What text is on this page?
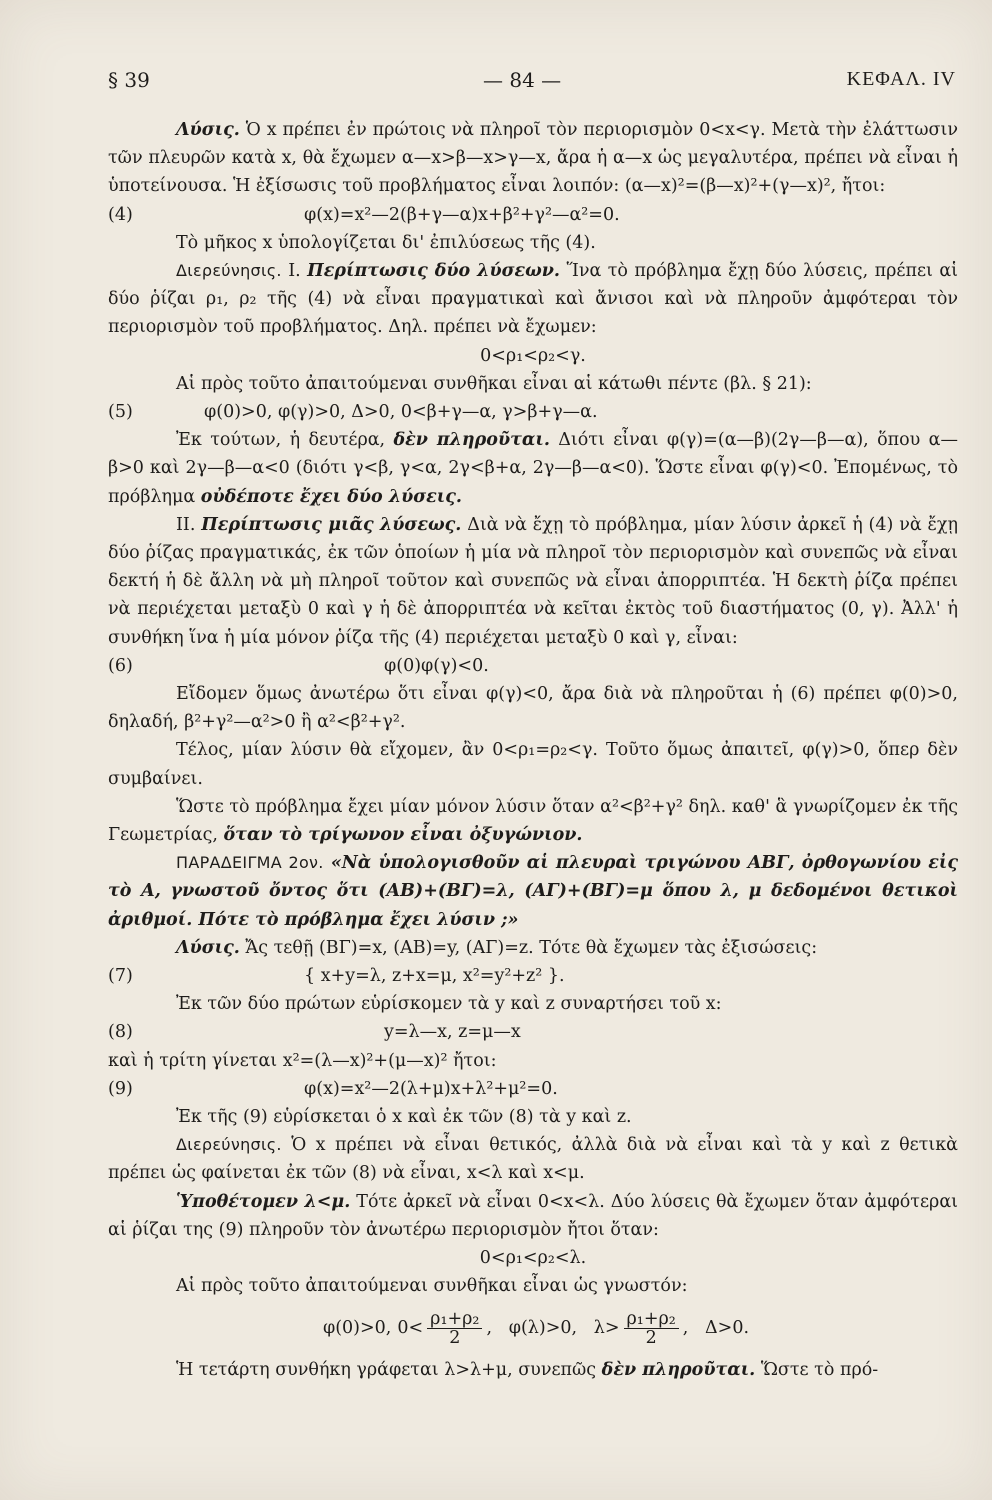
§ 39	— 84 —	ΚΕΦΑΛ. IV

Λύσις. Ὁ x πρέπει ἐν πρώτοις νὰ πληροῖ τὸν περιορισμὸν 0<x<γ. Μετὰ τὴν ἐλάττωσιν τῶν πλευρῶν κατὰ x, θὰ ἔχωμεν α—x>β—x>γ—x, ἄρα ἡ α—x ὡς μεγαλυτέρα, πρέπει νὰ εἶναι ἡ ὑποτείνουσα. Ἡ ἐξίσωσις τοῦ προβλήματος εἶναι λοιπόν: (α—x)²=(β—x)²+(γ—x)², ἤτοι:

(4)	φ(x)=x²—2(β+γ—α)x+β²+γ²—α²=0.

Τὸ μῆκος x ὑπολογίζεται δι' ἐπιλύσεως τῆς (4).

Διερεύνησις. Ι. Περίπτωσις δύο λύσεων. Ἵνα τὸ πρόβλημα ἔχῃ δύο λύσεις, πρέπει αἱ δύο ῥίζαι ρ₁, ρ₂ τῆς (4) νὰ εἶναι πραγματικαὶ καὶ ἄνισοι καὶ νὰ πληροῦν ἀμφότεραι τὸν περιορισμὸν τοῦ προβλήματος. Δηλ. πρέπει νὰ ἔχωμεν:

0<ρ₁<ρ₂<γ.

Αἱ πρὸς τοῦτο ἀπαιτούμεναι συνθῆκαι εἶναι αἱ κάτωθι πέντε (βλ. § 21):

(5)	φ(0)>0, φ(γ)>0, Δ>0, 0<β+γ—α, γ>β+γ—α.

Ἐκ τούτων, ἡ δευτέρα, δὲν πληροῦται. Διότι εἶναι φ(γ)=(α—β)(2γ—β—α), ὅπου α—β>0 καὶ 2γ—β—α<0 (διότι γ<β, γ<α, 2γ<β+α, 2γ—β—α<0). Ὥστε εἶναι φ(γ)<0. Ἐπομένως, τὸ πρόβλημα οὐδέποτε ἔχει δύο λύσεις.

ΙΙ. Περίπτωσις μιᾶς λύσεως. Διὰ νὰ ἔχῃ τὸ πρόβλημα, μίαν λύσιν ἀρκεῖ ἡ (4) νὰ ἔχῃ δύο ῥίζας πραγματικάς, ἐκ τῶν ὁποίων ἡ μία νὰ πληροῖ τὸν περιορισμὸν καὶ συνεπῶς νὰ εἶναι δεκτή ἡ δὲ ἄλλη νὰ μὴ πληροῖ τοῦτον καὶ συνεπῶς νὰ εἶναι ἀπορριπτέα. Ἡ δεκτὴ ῥίζα πρέπει νὰ περιέχεται μεταξὺ 0 καὶ γ ἡ δὲ ἀπορριπτέα νὰ κεῖται ἐκτὸς τοῦ διαστήματος (0, γ). Ἀλλ' ἡ συνθήκη ἵνα ἡ μία μόνον ῥίζα τῆς (4) περιέχεται μεταξὺ 0 καὶ γ, εἶναι:

(6)	φ(0)φ(γ)<0.

Εἴδομεν ὅμως ἀνωτέρω ὅτι εἶναι φ(γ)<0, ἄρα διὰ νὰ πληροῦται ἡ (6) πρέπει φ(0)>0, δηλαδή, β²+γ²—α²>0 ἢ α²<β²+γ².

Τέλος, μίαν λύσιν θὰ εἴχομεν, ἂν 0<ρ₁=ρ₂<γ. Τοῦτο ὅμως ἀπαιτεῖ, φ(γ)>0, ὅπερ δὲν συμβαίνει.

Ὥστε τὸ πρόβλημα ἔχει μίαν μόνον λύσιν ὅταν α²<β²+γ² δηλ. καθ' ἃ γνωρίζομεν ἐκ τῆς Γεωμετρίας, ὅταν τὸ τρίγωνον εἶναι ὀξυγώνιον.

ΠΑΡΑΔΕΙΓΜΑ 2ον. «Νὰ ὑπολογισθοῦν αἱ πλευραὶ τριγώνου ΑΒΓ, ὀρθογωνίου εἰς τὸ Α, γνωστοῦ ὄντος ὅτι (ΑΒ)+(ΒΓ)=λ, (ΑΓ)+(ΒΓ)=μ ὅπου λ, μ δεδομένοι θετικοὶ ἀριθμοί. Πότε τὸ πρόβλημα ἔχει λύσιν ;»

Λύσις. Ἄς τεθῇ (ΒΓ)=x, (ΑΒ)=y, (ΑΓ)=z. Τότε θὰ ἔχωμεν τὰς ἐξισώσεις:

(7)	{ x+y=λ, z+x=μ, x²=y²+z² }.

Ἐκ τῶν δύο πρώτων εὑρίσκομεν τὰ y καὶ z συναρτήσει τοῦ x:

(8)	y=λ—x, z=μ—x

καὶ ἡ τρίτη γίνεται x²=(λ—x)²+(μ—x)² ἤτοι:

(9)	φ(x)=x²—2(λ+μ)x+λ²+μ²=0.

Ἐκ τῆς (9) εὑρίσκεται ὁ x καὶ ἐκ τῶν (8) τὰ y καὶ z.

Διερεύνησις. Ὁ x πρέπει νὰ εἶναι θετικός, ἀλλὰ διὰ νὰ εἶναι καὶ τὰ y καὶ z θετικὰ πρέπει ὡς φαίνεται ἐκ τῶν (8) νὰ εἶναι, x<λ καὶ x<μ.

Ὑποθέτομεν λ<μ. Τότε ἀρκεῖ νὰ εἶναι 0<x<λ. Δύο λύσεις θὰ ἔχωμεν ὅταν ἀμφότεραι αἱ ῥίζαι της (9) πληροῦν τὸν ἀνωτέρω περιορισμὸν ἤτοι ὅταν:

0<ρ₁<ρ₂<λ.

Αἱ πρὸς τοῦτο ἀπαιτούμεναι συνθῆκαι εἶναι ὡς γνωστόν:

φ(0)>0, $0< \frac{\text{ρ₁+ρ₂}}{2}$ ,   φ(λ)>0,   $\lambda> \frac{\text{ρ₁+ρ₂}}{2}$ ,   Δ>0.

Ἡ τετάρτη συνθήκη γράφεται λ>λ+μ, συνεπῶς δὲν πληροῦται. Ὥστε τὸ πρό-
